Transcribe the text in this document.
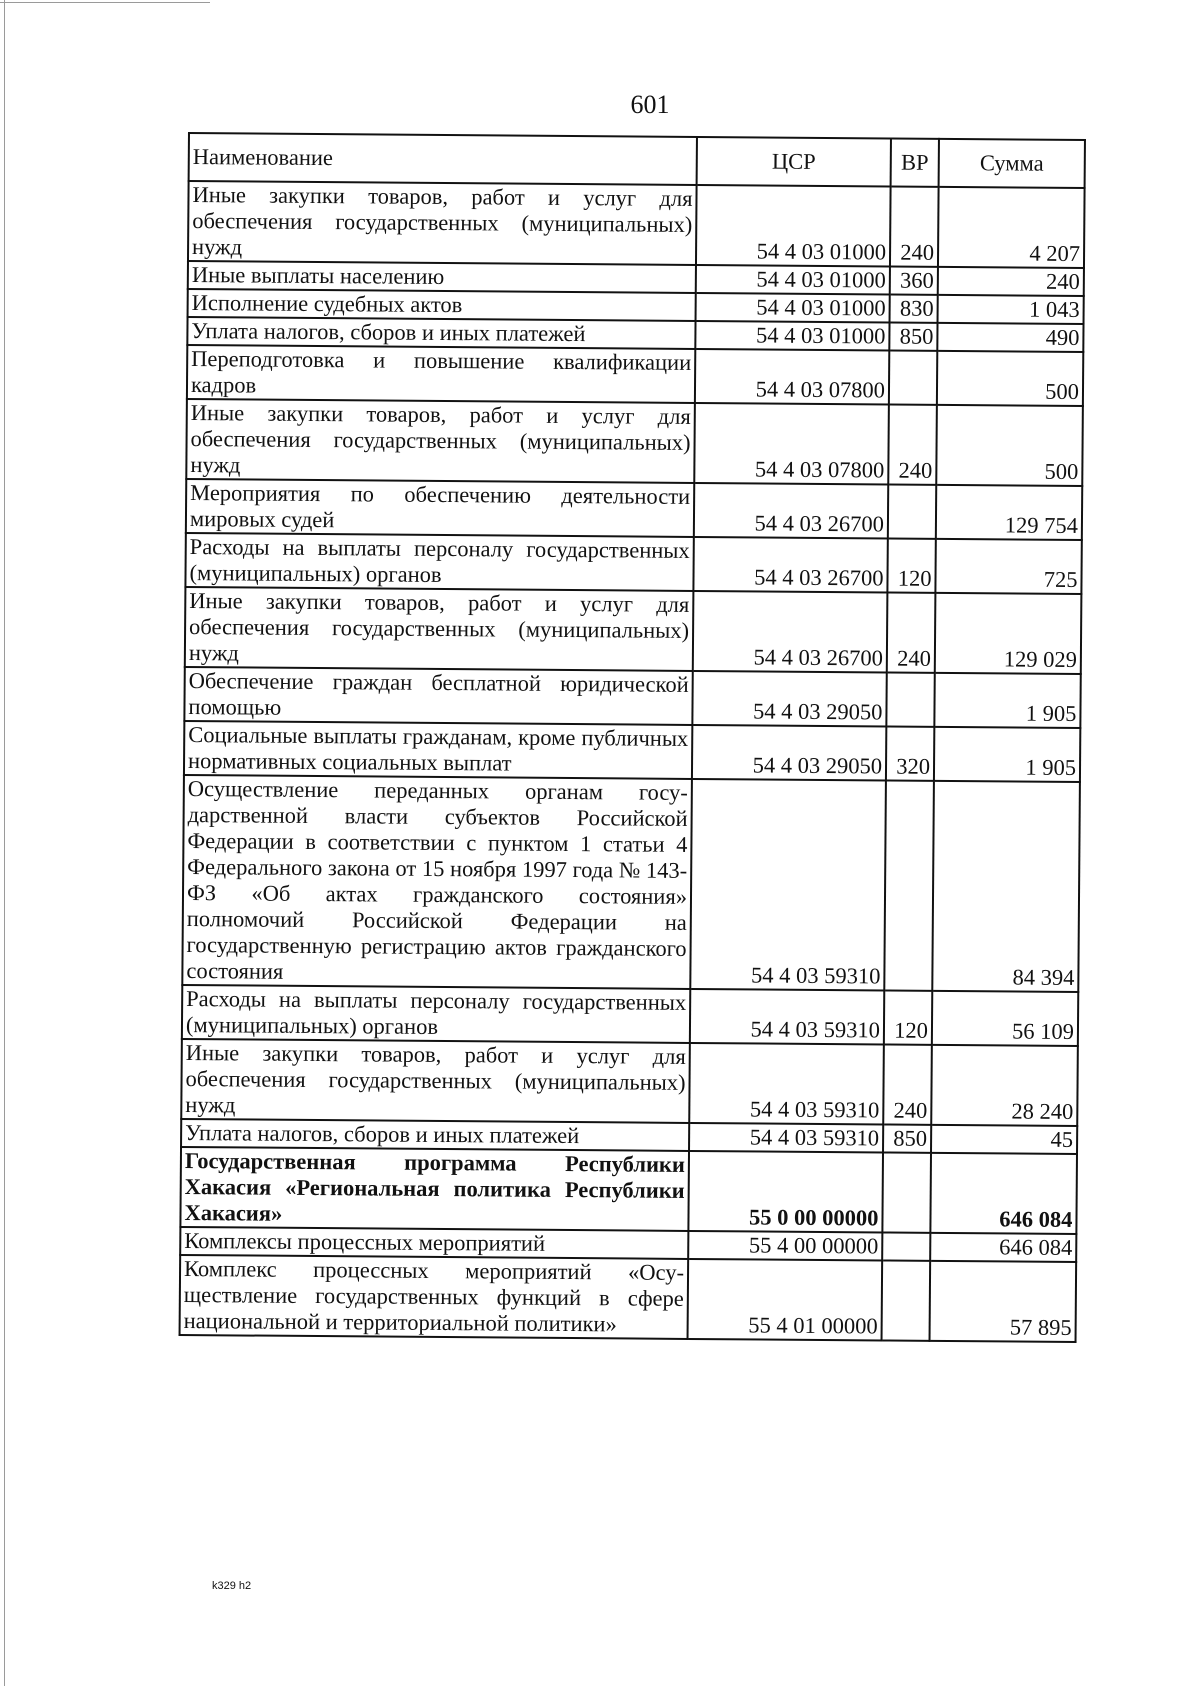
601
Наименование	ЦСР	ВР	Сумма
Иные закупки товаров, работ и услуг для обеспечения государственных (муниципальных) нужд	54 4 03 01000	240	4 207
Иные выплаты населению	54 4 03 01000	360	240
Исполнение судебных актов	54 4 03 01000	830	1 043
Уплата налогов, сборов и иных платежей	54 4 03 01000	850	490
Переподготовка и повышение квалификации кадров	54 4 03 07800		500
Иные закупки товаров, работ и услуг для обеспечения государственных (муниципальных) нужд	54 4 03 07800	240	500
Мероприятия по обеспечению деятельности мировых судей	54 4 03 26700		129 754
Расходы на выплаты персоналу государственных (муниципальных) органов	54 4 03 26700	120	725
Иные закупки товаров, работ и услуг для обеспечения государственных (муниципальных) нужд	54 4 03 26700	240	129 029
Обеспечение граждан бесплатной юридической помощью	54 4 03 29050		1 905
Социальные выплаты гражданам, кроме публичных нормативных социальных выплат	54 4 03 29050	320	1 905
Осуществление переданных органам государственной власти субъектов Российской Федерации в соответствии с пунктом 1 статьи 4 Федерального закона от 15 ноября 1997 года № 143-ФЗ «Об актах гражданского состояния» полномочий Российской Федерации на государственную регистрацию актов гражданского состояния	54 4 03 59310		84 394
Расходы на выплаты персоналу государственных (муниципальных) органов	54 4 03 59310	120	56 109
Иные закупки товаров, работ и услуг для обеспечения государственных (муниципальных) нужд	54 4 03 59310	240	28 240
Уплата налогов, сборов и иных платежей	54 4 03 59310	850	45
Государственная программа Республики Хакасия «Региональная политика Республики Хакасия»	55 0 00 00000		646 084
Комплексы процессных мероприятий	55 4 00 00000		646 084
Комплекс процессных мероприятий «Осуществление государственных функций в сфере национальной и территориальной политики»	55 4 01 00000		57 895
k329 h2
